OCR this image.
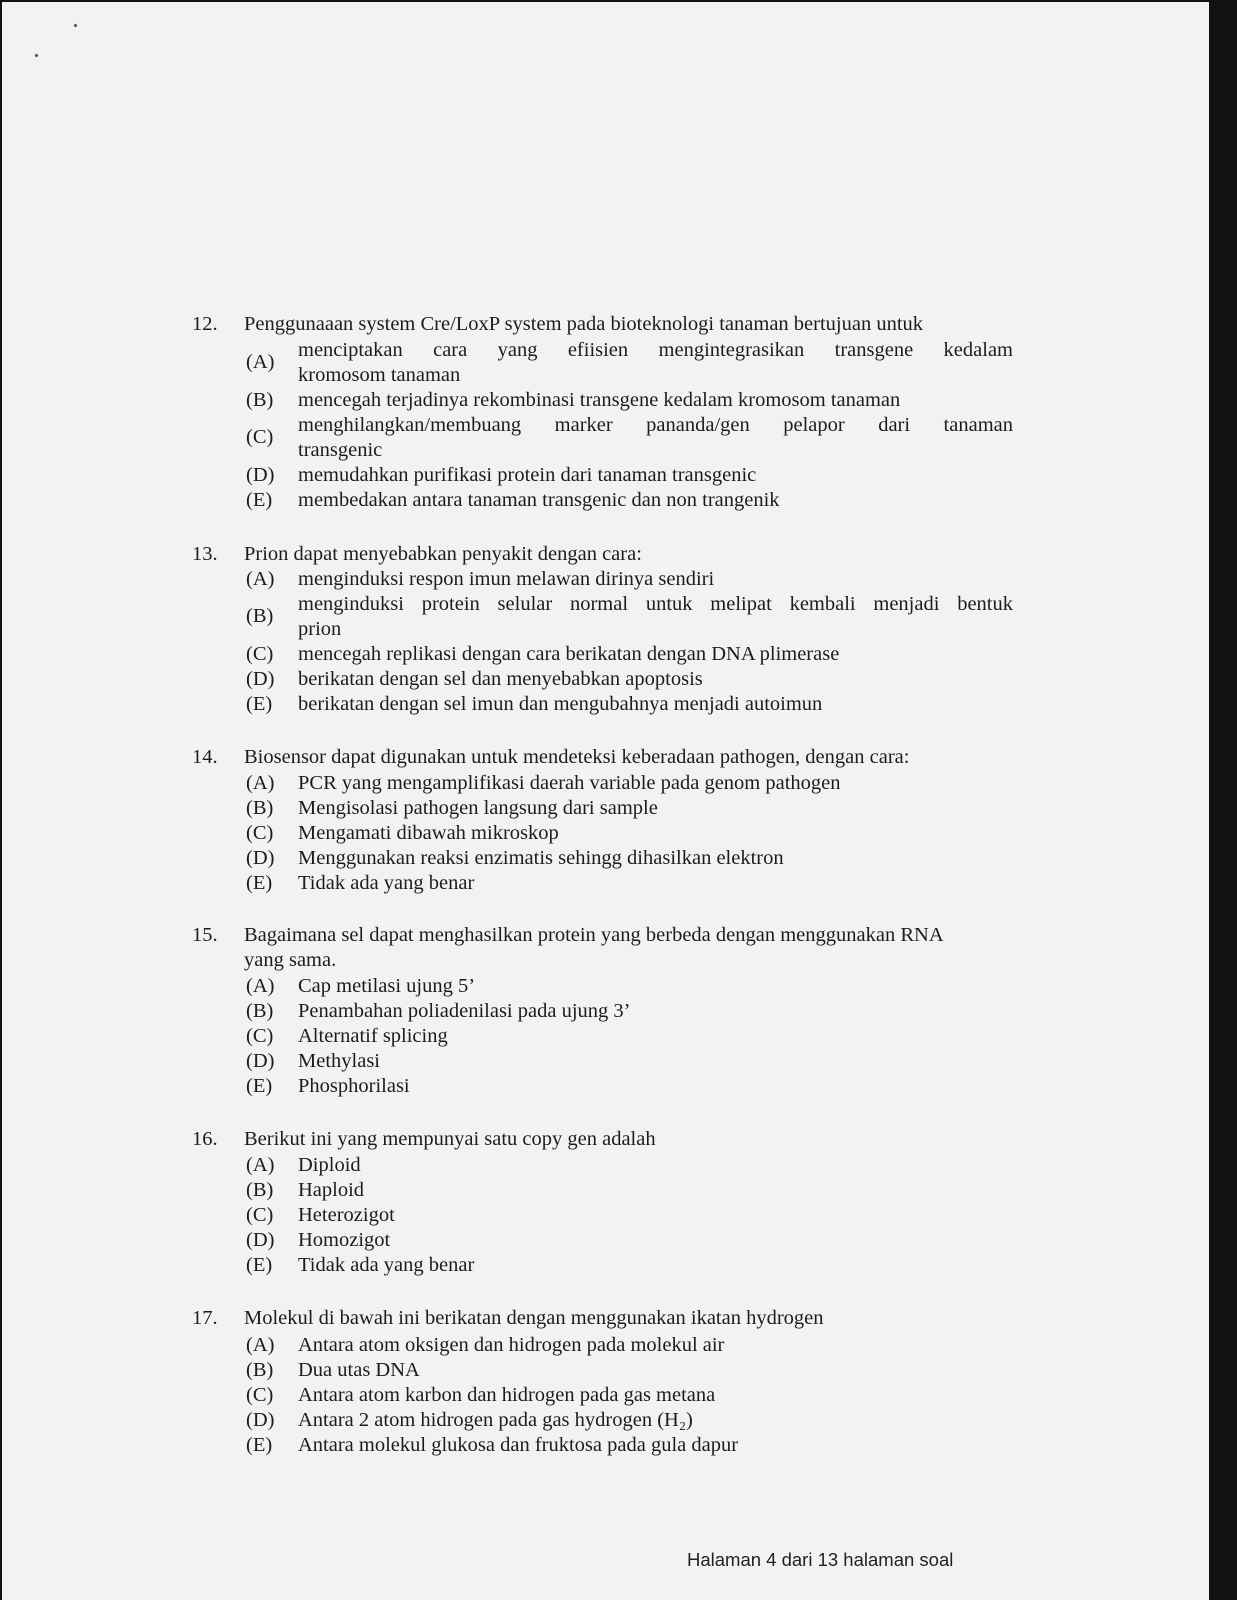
12. Penggunaaan system Cre/LoxP system pada bioteknologi tanaman bertujuan untuk
(A)
menciptakan cara yang efiisien mengintegrasikan transgene kedalam
kromosom tanaman
(B)	mencegah terjadinya rekombinasi transgene kedalam kromosom tanaman
(C)
menghilangkan/membuang marker pananda/gen pelapor dari tanaman
transgenic
(D)	memudahkan purifikasi protein dari tanaman transgenic
(E)	membedakan antara tanaman transgenic dan non trangenik
13. Prion dapat menyebabkan penyakit dengan cara:
(A)	menginduksi respon imun melawan dirinya sendiri
(B)
menginduksi protein selular normal untuk melipat kembali menjadi bentuk
prion
(C)	mencegah replikasi dengan cara berikatan dengan DNA plimerase
(D)	berikatan dengan sel dan menyebabkan apoptosis
(E)	berikatan dengan sel imun dan mengubahnya menjadi autoimun
14. Biosensor dapat digunakan untuk mendeteksi keberadaan pathogen, dengan cara:
(A)	PCR yang mengamplifikasi daerah variable pada genom pathogen
(B)	Mengisolasi pathogen langsung dari sample
(C)	Mengamati dibawah mikroskop
(D)	Menggunakan reaksi enzimatis sehingg dihasilkan elektron
(E)	Tidak ada yang benar
15. Bagaimana sel dapat menghasilkan protein yang berbeda dengan menggunakan RNA
yang sama.
(A)	Cap metilasi ujung 5’
(B)	Penambahan poliadenilasi pada ujung 3’
(C)	Alternatif splicing
(D)	Methylasi
(E)	Phosphorilasi
16. Berikut ini yang mempunyai satu copy gen adalah
(A)	Diploid
(B)	Haploid
(C)	Heterozigot
(D)	Homozigot
(E)	Tidak ada yang benar
17. Molekul di bawah ini berikatan dengan menggunakan ikatan hydrogen
(A)	Antara atom oksigen dan hidrogen pada molekul air
(B)	Dua utas DNA
(C)	Antara atom karbon dan hidrogen pada gas metana
(D)	Antara 2 atom hidrogen pada gas hydrogen (H₂)
(E)	Antara molekul glukosa dan fruktosa pada gula dapur
Halaman 4 dari 13 halaman soal
